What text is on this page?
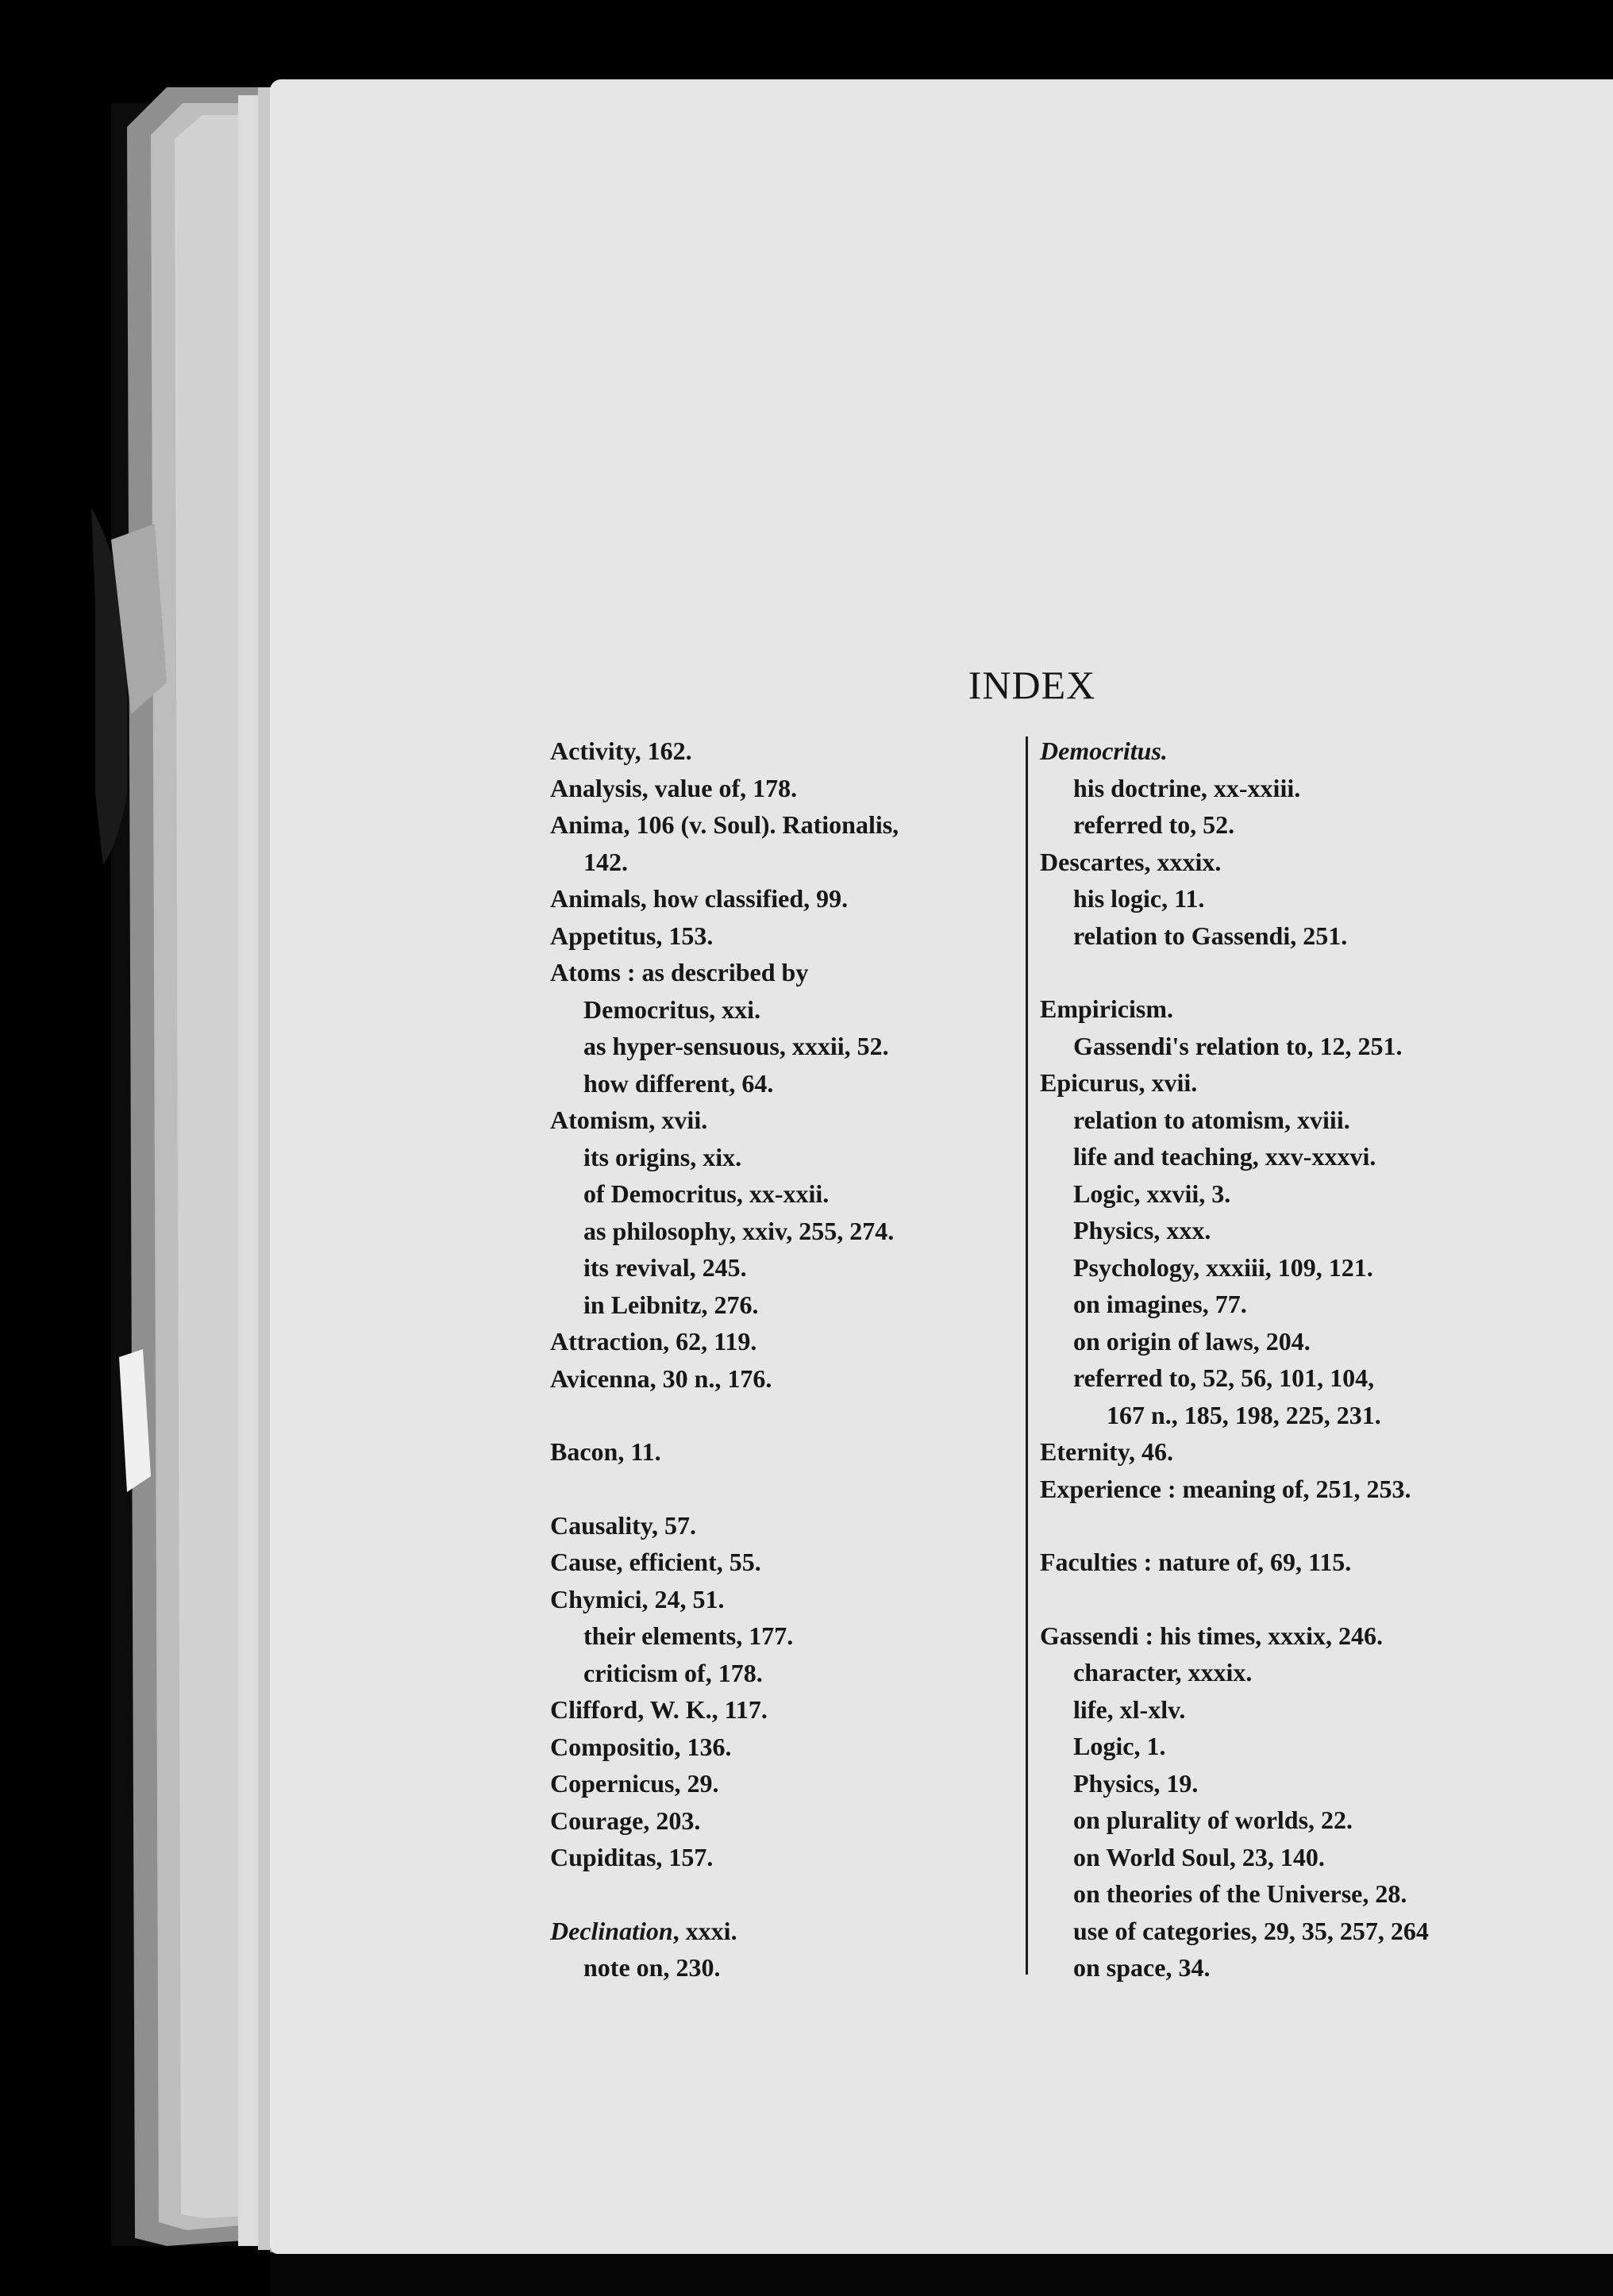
INDEX
Activity, 162.
Analysis, value of, 178.
Anima, 106 (v. Soul). Rationalis,
142.
Animals, how classified, 99.
Appetitus, 153.
Atoms : as described by
Democritus, xxi.
as hyper-sensuous, xxxii, 52.
how different, 64.
Atomism, xvii.
its origins, xix.
of Democritus, xx-xxii.
as philosophy, xxiv, 255, 274.
its revival, 245.
in Leibnitz, 276.
Attraction, 62, 119.
Avicenna, 30 n., 176.
Bacon, 11.
Causality, 57.
Cause, efficient, 55.
Chymici, 24, 51.
their elements, 177.
criticism of, 178.
Clifford, W. K., 117.
Compositio, 136.
Copernicus, 29.
Courage, 203.
Cupiditas, 157.
Declination, xxxi.
note on, 230.
Democritus.
his doctrine, xx-xxiii.
referred to, 52.
Descartes, xxxix.
his logic, 11.
relation to Gassendi, 251.
Empiricism.
Gassendi's relation to, 12, 251.
Epicurus, xvii.
relation to atomism, xviii.
life and teaching, xxv-xxxvi.
Logic, xxvii, 3.
Physics, xxx.
Psychology, xxxiii, 109, 121.
on imagines, 77.
on origin of laws, 204.
referred to, 52, 56, 101, 104,
167 n., 185, 198, 225, 231.
Eternity, 46.
Experience : meaning of, 251, 253.
Faculties : nature of, 69, 115.
Gassendi : his times, xxxix, 246.
character, xxxix.
life, xl-xlv.
Logic, 1.
Physics, 19.
on plurality of worlds, 22.
on World Soul, 23, 140.
on theories of the Universe, 28.
use of categories, 29, 35, 257, 264
on space, 34.
